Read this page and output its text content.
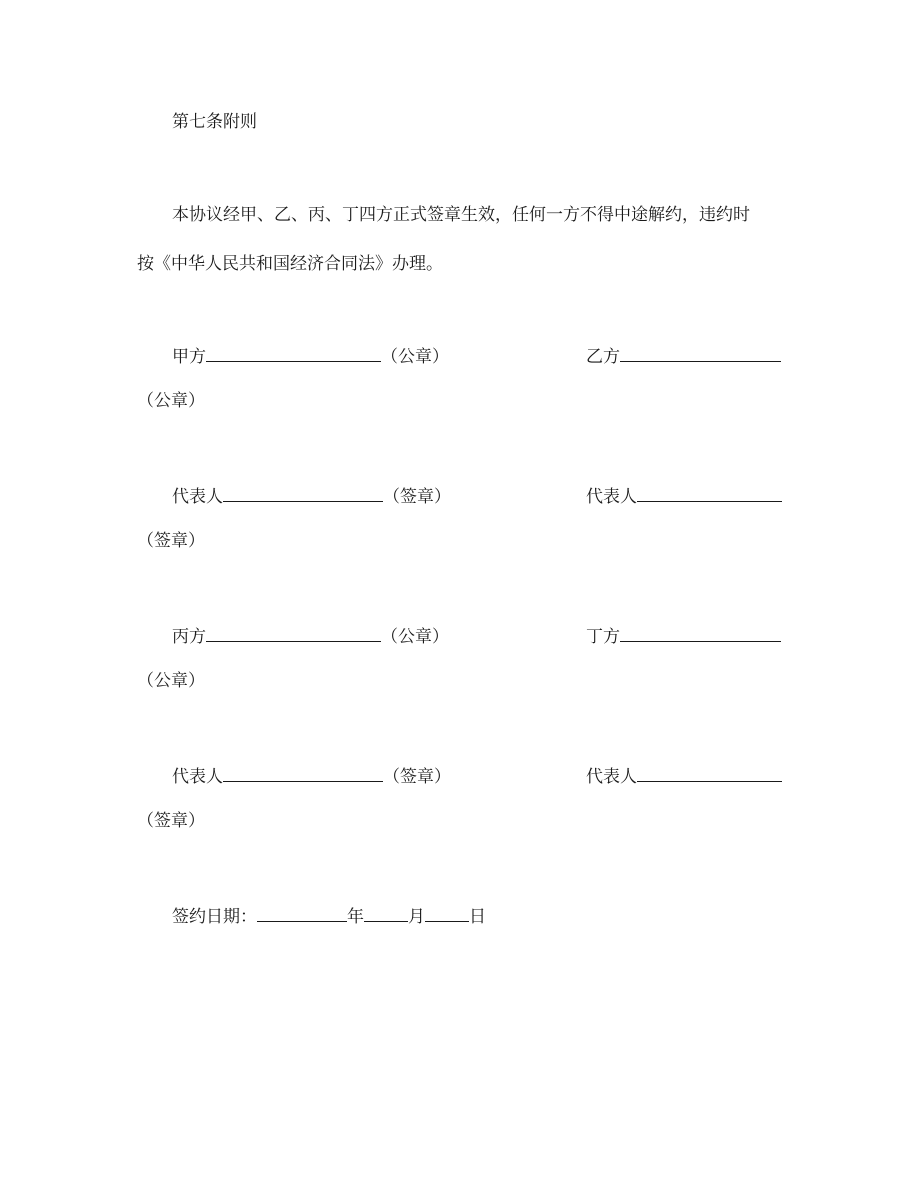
第七条附则
本协议经甲、乙、丙、丁四方正式签章生效，任何一方不得中途解约，违约时
按《中华人民共和国经济合同法》办理。
甲方	（公章）	乙方
（公章）
代表人	（签章）	代表人
（签章）
丙方	（公章）	丁方
（公章）
代表人	（签章）	代表人
（签章）
签约日期：	年	月	日
